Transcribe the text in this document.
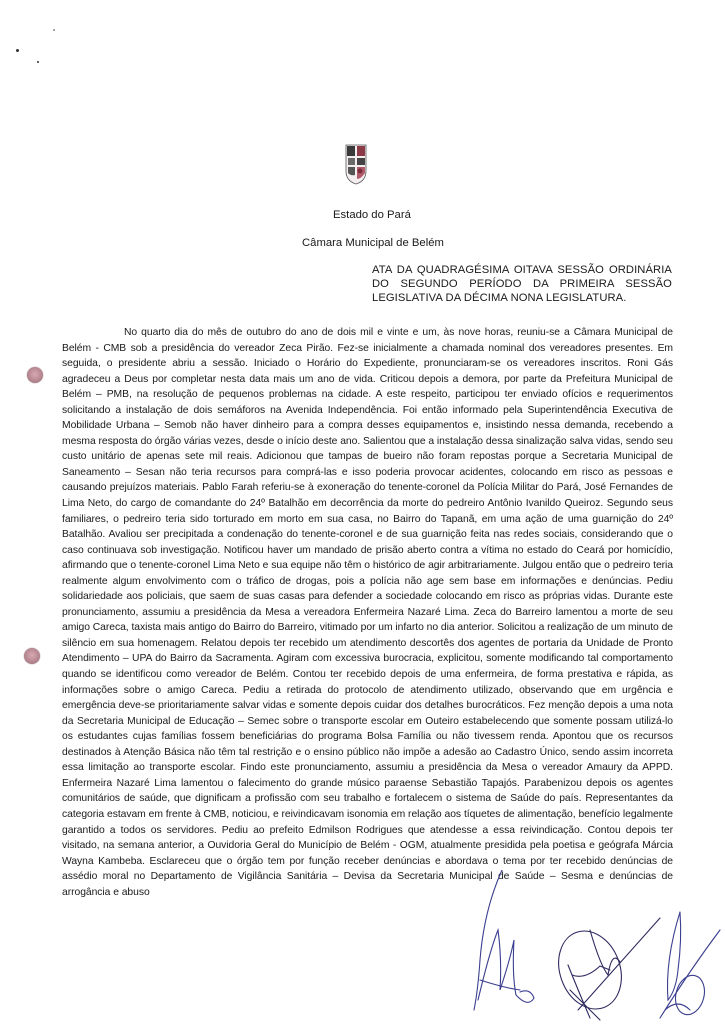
Estado do Pará
Câmara Municipal de Belém
ATA DA QUADRAGÉSIMA OITAVA SESSÃO ORDINÁRIA DO SEGUNDO PERÍODO DA PRIMEIRA SESSÃO LEGISLATIVA DA DÉCIMA NONA LEGISLATURA.

No quarto dia do mês de outubro do ano de dois mil e vinte e um, às nove horas, reuniu-se a Câmara Municipal de Belém - CMB sob a presidência do vereador Zeca Pirão. Fez-se inicialmente a chamada nominal dos vereadores presentes. Em seguida, o presidente abriu a sessão. Iniciado o Horário do Expediente, pronunciaram-se os vereadores inscritos. Roni Gás agradeceu a Deus por completar nesta data mais um ano de vida. Criticou depois a demora, por parte da Prefeitura Municipal de Belém – PMB, na resolução de pequenos problemas na cidade. A este respeito, participou ter enviado ofícios e requerimentos solicitando a instalação de dois semáforos na Avenida Independência. Foi então informado pela Superintendência Executiva de Mobilidade Urbana – Semob não haver dinheiro para a compra desses equipamentos e, insistindo nessa demanda, recebendo a mesma resposta do órgão várias vezes, desde o início deste ano. Salientou que a instalação dessa sinalização salva vidas, sendo seu custo unitário de apenas sete mil reais. Adicionou que tampas de bueiro não foram repostas porque a Secretaria Municipal de Saneamento – Sesan não teria recursos para comprá-las e isso poderia provocar acidentes, colocando em risco as pessoas e causando prejuízos materiais. Pablo Farah referiu-se à exoneração do tenente-coronel da Polícia Militar do Pará, José Fernandes de Lima Neto, do cargo de comandante do 24º Batalhão em decorrência da morte do pedreiro Antônio Ivanildo Queiroz. Segundo seus familiares, o pedreiro teria sido torturado em morto em sua casa, no Bairro do Tapanã, em uma ação de uma guarnição do 24º Batalhão. Avaliou ser precipitada a condenação do tenente-coronel e de sua guarnição feita nas redes sociais, considerando que o caso continuava sob investigação. Notificou haver um mandado de prisão aberto contra a vítima no estado do Ceará por homicídio, afirmando que o tenente-coronel Lima Neto e sua equipe não têm o histórico de agir arbitrariamente. Julgou então que o pedreiro teria realmente algum envolvimento com o tráfico de drogas, pois a polícia não age sem base em informações e denúncias. Pediu solidariedade aos policiais, que saem de suas casas para defender a sociedade colocando em risco as próprias vidas. Durante este pronunciamento, assumiu a presidência da Mesa a vereadora Enfermeira Nazaré Lima. Zeca do Barreiro lamentou a morte de seu amigo Careca, taxista mais antigo do Bairro do Barreiro, vitimado por um infarto no dia anterior. Solicitou a realização de um minuto de silêncio em sua homenagem. Relatou depois ter recebido um atendimento descortês dos agentes de portaria da Unidade de Pronto Atendimento – UPA do Bairro da Sacramenta. Agiram com excessiva burocracia, explicitou, somente modificando tal comportamento quando se identificou como vereador de Belém. Contou ter recebido depois de uma enfermeira, de forma prestativa e rápida, as informações sobre o amigo Careca. Pediu a retirada do protocolo de atendimento utilizado, observando que em urgência e emergência deve-se prioritariamente salvar vidas e somente depois cuidar dos detalhes burocráticos. Fez menção depois a uma nota da Secretaria Municipal de Educação – Semec sobre o transporte escolar em Outeiro estabelecendo que somente possam utilizá-lo os estudantes cujas famílias fossem beneficiárias do programa Bolsa Família ou não tivessem renda. Apontou que os recursos destinados à Atenção Básica não têm tal restrição e o ensino público não impõe a adesão ao Cadastro Único, sendo assim incorreta essa limitação ao transporte escolar. Findo este pronunciamento, assumiu a presidência da Mesa o vereador Amaury da APPD. Enfermeira Nazaré Lima lamentou o falecimento do grande músico paraense Sebastião Tapajós. Parabenizou depois os agentes comunitários de saúde, que dignificam a profissão com seu trabalho e fortalecem o sistema de Saúde do país. Representantes da categoria estavam em frente à CMB, noticiou, e reivindicavam isonomia em relação aos tíquetes de alimentação, benefício legalmente garantido a todos os servidores. Pediu ao prefeito Edmilson Rodrigues que atendesse a essa reivindicação. Contou depois ter visitado, na semana anterior, a Ouvidoria Geral do Município de Belém - OGM, atualmente presidida pela poetisa e geógrafa Márcia Wayna Kambeba. Esclareceu que o órgão tem por função receber denúncias e abordava o tema por ter recebido denúncias de assédio moral no Departamento de Vigilância Sanitária – Devisa da Secretaria Municipal de Saúde – Sesma e denúncias de arrogância e abuso
